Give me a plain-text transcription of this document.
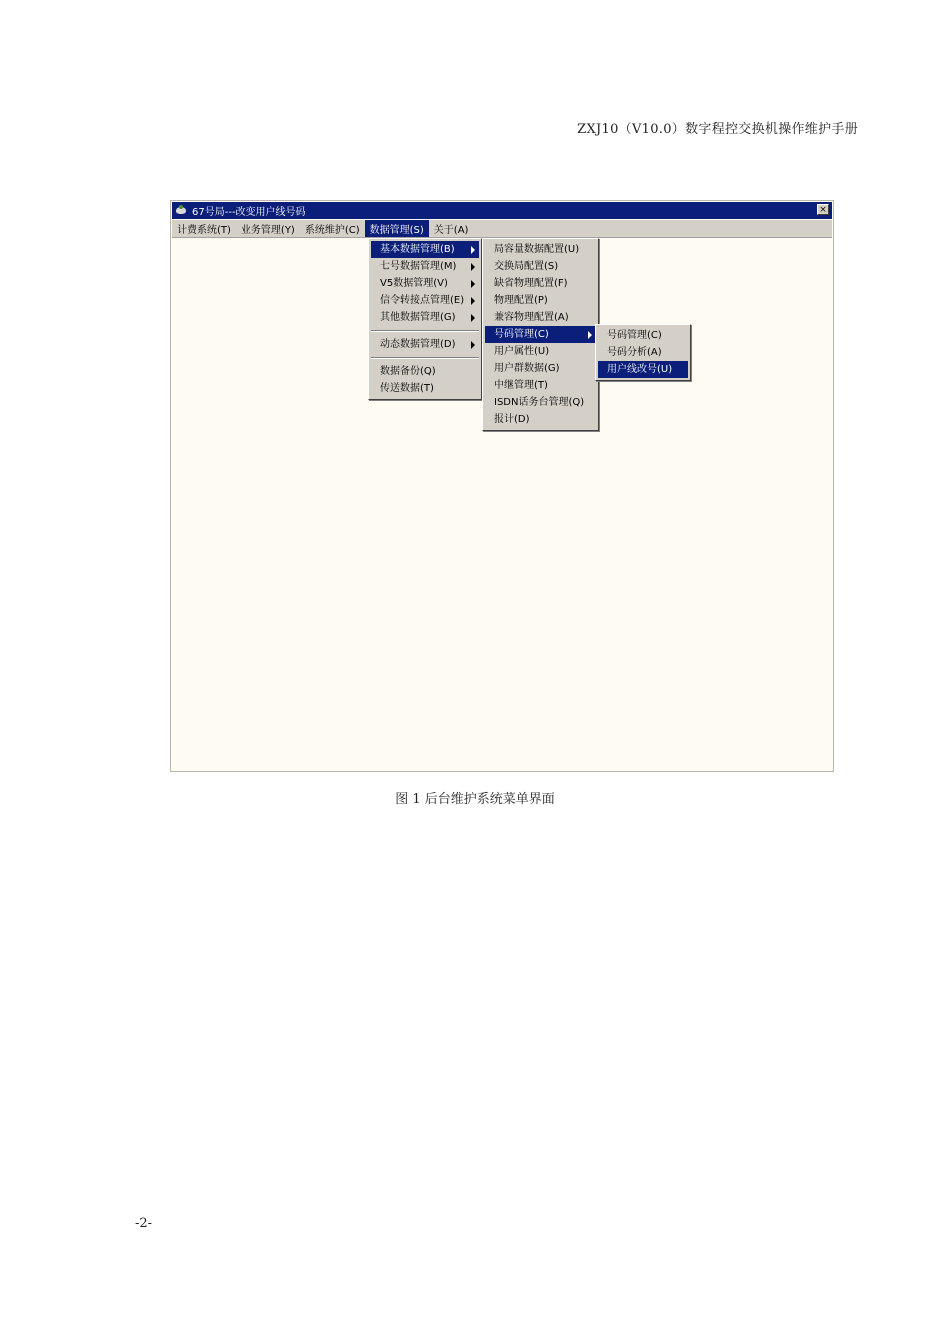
ZXJ10（V10.0）数字程控交换机操作维护手册
67号局---改变用户线号码	×
计费系统(T)	业务管理(Y)	系统维护(C)	数据管理(S)	关于(A)
基本数据管理(B)
七号数据管理(M)
V5数据管理(V)
信令转接点管理(E)
其他数据管理(G)
动态数据管理(D)
数据备份(Q)
传送数据(T)
局容量数据配置(U)
交换局配置(S)
缺省物理配置(F)
物理配置(P)
兼容物理配置(A)
号码管理(C)
用户属性(U)
用户群数据(G)
中继管理(T)
ISDN话务台管理(Q)
报计(D)
号码管理(C)
号码分析(A)
用户线改号(U)
图 1 后台维护系统菜单界面
-2-
